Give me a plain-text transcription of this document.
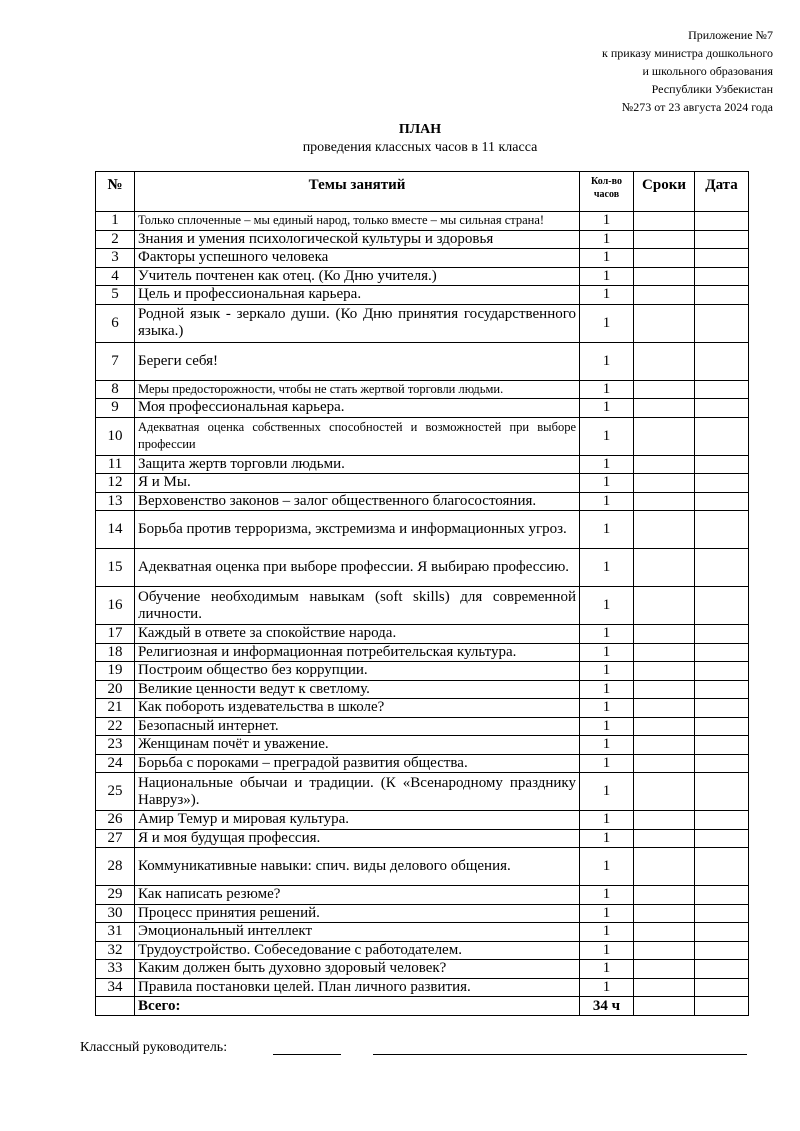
Приложение №7
к приказу министра дошкольного
и школьного образования
Республики Узбекистан
№273 от 23 августа 2024 года
ПЛАН
проведения классных часов в 11 класса
№	Темы занятий	Кол-во часов	Сроки	Дата
1	Только сплоченные – мы единый народ, только вместе – мы сильная страна!	1		
2	Знания и умения психологической культуры и здоровья	1		
3	Факторы успешного человека	1		
4	Учитель почтенен как отец. (Ко Дню учителя.)	1		
5	Цель и профессиональная карьера.	1		
6	Родной язык - зеркало души. (Ко Дню принятия государственного языка.)	1		
7	Береги себя!	1		
8	Меры предосторожности, чтобы не стать жертвой торговли людьми.	1		
9	Моя профессиональная карьера.	1		
10	Адекватная оценка собственных способностей и возможностей при выборе профессии	1		
11	Защита жертв торговли людьми.	1		
12	Я и Мы.	1		
13	Верховенство законов – залог общественного благосостояния.	1		
14	Борьба против терроризма, экстремизма и информационных угроз.	1		
15	Адекватная оценка при выборе профессии. Я выбираю профессию.	1		
16	Обучение необходимым навыкам (soft skills) для современной личности.	1		
17	Каждый в ответе за спокойствие народа.	1		
18	Религиозная и информационная потребительская культура.	1		
19	Построим общество без коррупции.	1		
20	Великие ценности ведут к светлому.	1		
21	Как побороть издевательства в школе?	1		
22	Безопасный интернет.	1		
23	Женщинам почёт и уважение.	1		
24	Борьба с пороками – преградой развития общества.	1		
25	Национальные обычаи и традиции. (К «Всенародному празднику Навруз»).	1		
26	Амир Темур и мировая культура.	1		
27	Я и моя будущая профессия.	1		
28	Коммуникативные навыки: спич. виды делового общения.	1		
29	Как написать резюме?	1		
30	Процесс принятия решений.	1		
31	Эмоциональный интеллект	1		
32	Трудоустройство. Собеседование с работодателем.	1		
33	Каким должен быть духовно здоровый человек?	1		
34	Правила постановки целей. План личного развития.	1		
	Всего:	34 ч		
Классный руководитель:
